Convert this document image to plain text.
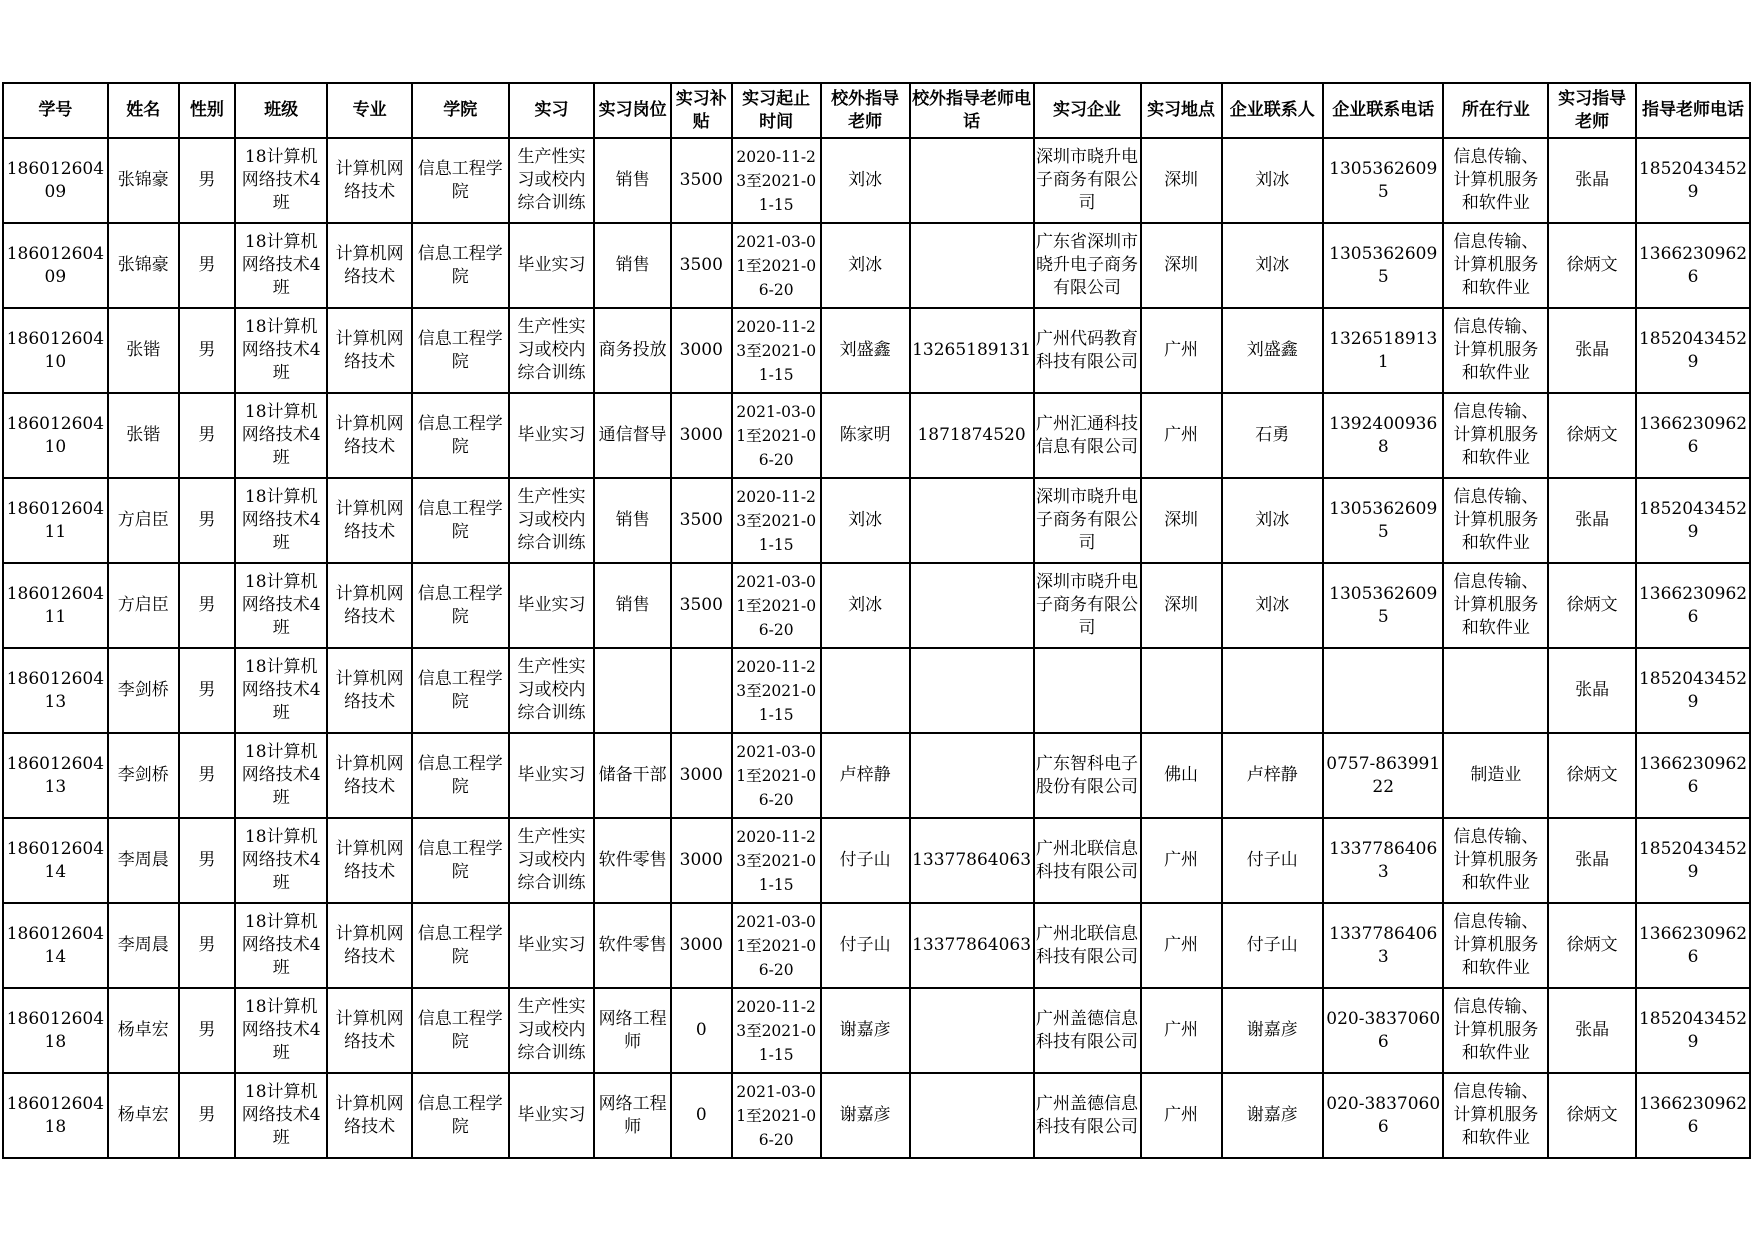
学号	姓名	性别	班级	专业	学院	实习	实习岗位	实习补贴	实习起止时间	校外指导老师	校外指导老师电话	实习企业	实习地点	企业联系人	企业联系电话	所在行业	实习指导老师	指导老师电话

18601260409	张锦豪	男	18计算机网络技术4班	计算机网络技术	信息工程学院	生产性实习或校内综合训练	销售	3500	2020-11-23至2021-01-15	刘冰		深圳市晓升电子商务有限公司	深圳	刘冰	13053626095	信息传输、计算机服务和软件业	张晶	18520434529

18601260409	张锦豪	男	18计算机网络技术4班	计算机网络技术	信息工程学院	毕业实习	销售	3500	2021-03-01至2021-06-20	刘冰		广东省深圳市晓升电子商务有限公司	深圳	刘冰	13053626095	信息传输、计算机服务和软件业	徐炳文	13662309626

18601260410	张锴	男	18计算机网络技术4班	计算机网络技术	信息工程学院	生产性实习或校内综合训练	商务投放	3000	2020-11-23至2021-01-15	刘盛鑫	13265189131	广州代码教育科技有限公司	广州	刘盛鑫	13265189131	信息传输、计算机服务和软件业	张晶	18520434529

18601260410	张锴	男	18计算机网络技术4班	计算机网络技术	信息工程学院	毕业实习	通信督导	3000	2021-03-01至2021-06-20	陈家明	1871874520	广州汇通科技信息有限公司	广州	石勇	13924009368	信息传输、计算机服务和软件业	徐炳文	13662309626

18601260411	方启臣	男	18计算机网络技术4班	计算机网络技术	信息工程学院	生产性实习或校内综合训练	销售	3500	2020-11-23至2021-01-15	刘冰		深圳市晓升电子商务有限公司	深圳	刘冰	13053626095	信息传输、计算机服务和软件业	张晶	18520434529

18601260411	方启臣	男	18计算机网络技术4班	计算机网络技术	信息工程学院	毕业实习	销售	3500	2021-03-01至2021-06-20	刘冰		深圳市晓升电子商务有限公司	深圳	刘冰	13053626095	信息传输、计算机服务和软件业	徐炳文	13662309626

18601260413	李剑桥	男	18计算机网络技术4班	计算机网络技术	信息工程学院	生产性实习或校内综合训练			2020-11-23至2021-01-15								张晶	18520434529

18601260413	李剑桥	男	18计算机网络技术4班	计算机网络技术	信息工程学院	毕业实习	储备干部	3000	2021-03-01至2021-06-20	卢梓静		广东智科电子股份有限公司	佛山	卢梓静	0757-86399122	制造业	徐炳文	13662309626

18601260414	李周晨	男	18计算机网络技术4班	计算机网络技术	信息工程学院	生产性实习或校内综合训练	软件零售	3000	2020-11-23至2021-01-15	付子山	13377864063	广州北联信息科技有限公司	广州	付子山	13377864063	信息传输、计算机服务和软件业	张晶	18520434529

18601260414	李周晨	男	18计算机网络技术4班	计算机网络技术	信息工程学院	毕业实习	软件零售	3000	2021-03-01至2021-06-20	付子山	13377864063	广州北联信息科技有限公司	广州	付子山	13377864063	信息传输、计算机服务和软件业	徐炳文	13662309626

18601260418	杨卓宏	男	18计算机网络技术4班	计算机网络技术	信息工程学院	生产性实习或校内综合训练	网络工程师	0	2020-11-23至2021-01-15	谢嘉彦		广州盖德信息科技有限公司	广州	谢嘉彦	020-38370606	信息传输、计算机服务和软件业	张晶	18520434529

18601260418	杨卓宏	男	18计算机网络技术4班	计算机网络技术	信息工程学院	毕业实习	网络工程师	0	2021-03-01至2021-06-20	谢嘉彦		广州盖德信息科技有限公司	广州	谢嘉彦	020-38370606	信息传输、计算机服务和软件业	徐炳文	13662309626
